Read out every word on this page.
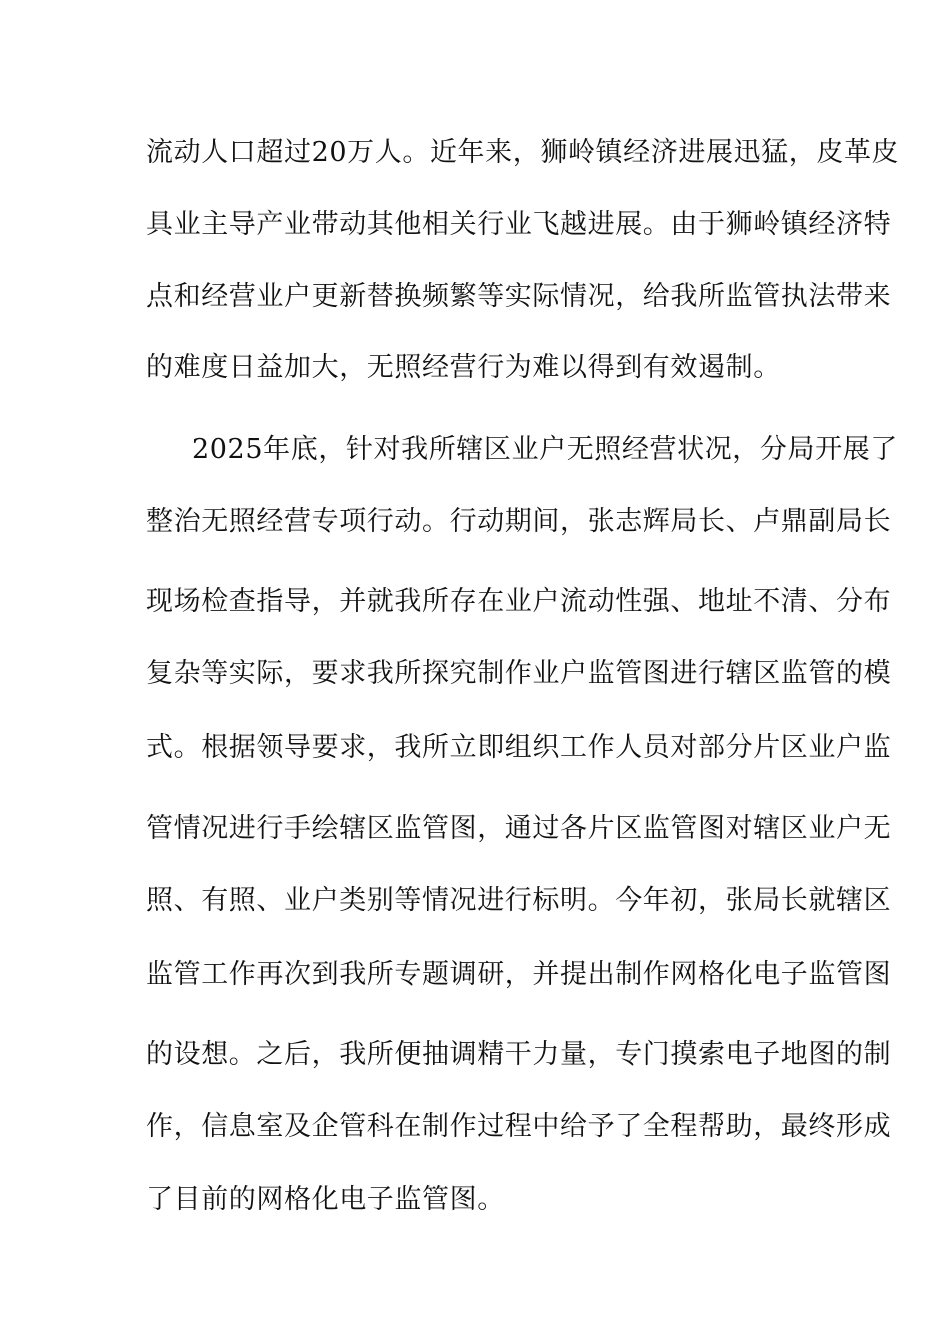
流动人口超过20万人。近年来，狮岭镇经济进展迅猛，皮革皮
具业主导产业带动其他相关行业飞越进展。由于狮岭镇经济特
点和经营业户更新替换频繁等实际情况，给我所监管执法带来
的难度日益加大，无照经营行为难以得到有效遏制。
2025年底，针对我所辖区业户无照经营状况，分局开展了
整治无照经营专项行动。行动期间，张志辉局长、卢鼎副局长
现场检查指导，并就我所存在业户流动性强、地址不清、分布
复杂等实际，要求我所探究制作业户监管图进行辖区监管的模
式。根据领导要求，我所立即组织工作人员对部分片区业户监
管情况进行手绘辖区监管图，通过各片区监管图对辖区业户无
照、有照、业户类别等情况进行标明。今年初，张局长就辖区
监管工作再次到我所专题调研，并提出制作网格化电子监管图
的设想。之后，我所便抽调精干力量，专门摸索电子地图的制
作，信息室及企管科在制作过程中给予了全程帮助，最终形成
了目前的网格化电子监管图。
